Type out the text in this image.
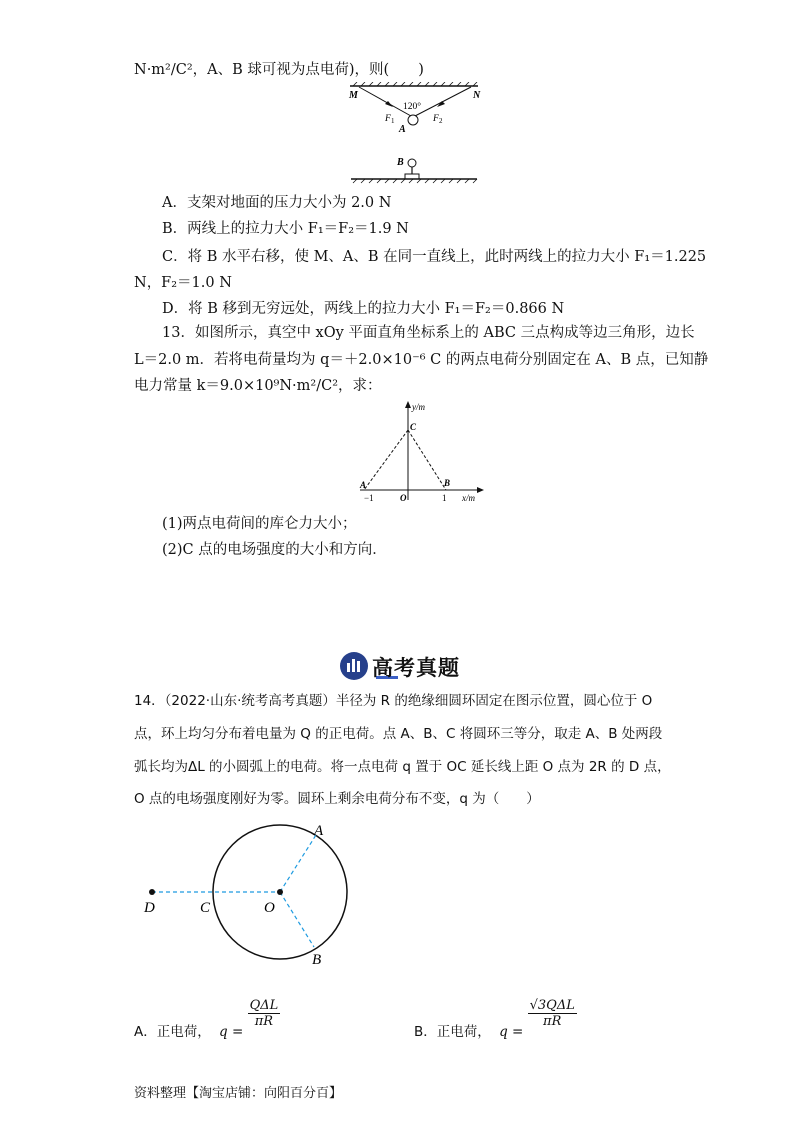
N·m²/C²，A、B 球可视为点电荷)，则(　　)
M	N
120°
F 1	F 2
A
B
A．支架对地面的压力大小为 2.0 N
B．两线上的拉力大小 F₁＝F₂＝1.9 N
C．将 B 水平右移，使 M、A、B 在同一直线上，此时两线上的拉力大小 F₁＝1.225
N，F₂＝1.0 N
D．将 B 移到无穷远处，两线上的拉力大小 F₁＝F₂＝0.866 N
13．如图所示，真空中 xOy 平面直角坐标系上的 ABC 三点构成等边三角形，边长
L＝2.0 m．若将电荷量均为 q＝＋2.0×10⁻⁶ C 的两点电荷分别固定在 A、B 点，已知静
电力常量 k＝9.0×10⁹N·m²/C²，求：
y/m
C
A	B
O
−1	1 x/m
(1)两点电荷间的库仑力大小；
(2)C 点的电场强度的大小和方向．
高考真题
14．（2022·山东·统考高考真题）半径为 R 的绝缘细圆环固定在图示位置，圆心位于 O
点，环上均匀分布着电量为 Q 的正电荷。点 A、B、C 将圆环三等分，取走 A、B 处两段
弧长均为ΔL 的小圆弧上的电荷。将一点电荷 q 置于 OC 延长线上距 O 点为 2R 的 D 点，
O 点的电场强度刚好为零。圆环上剩余电荷分布不变，q 为（　　）
D	C	O
A
B
A．正电荷， q =
$\frac{\text{QΔL}}{\pi R}$
B．正电荷， q =
$\frac{\text{√3QΔL}}{\pi R}$
资料整理【淘宝店铺：向阳百分百】
